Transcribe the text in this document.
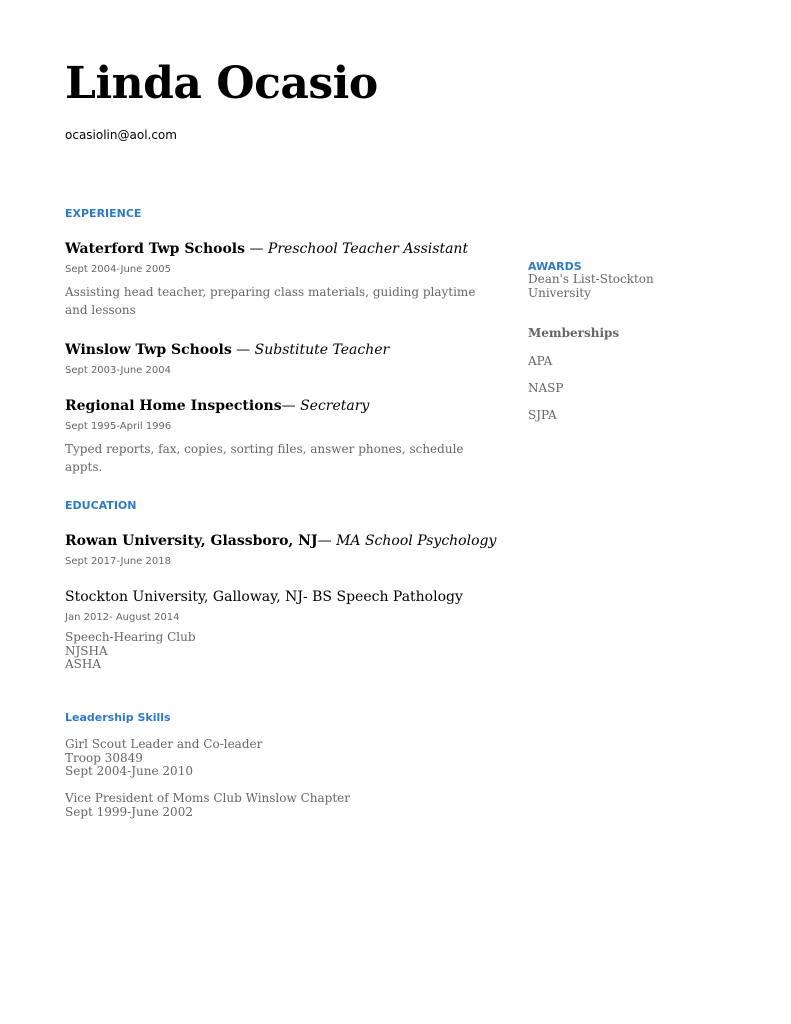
Linda Ocasio
ocasiolin@aol.com
EXPERIENCE
Waterford Twp Schools — Preschool Teacher Assistant
Sept 2004-June 2005
Assisting head teacher, preparing class materials, guiding playtime and lessons
Winslow Twp Schools — Substitute Teacher
Sept 2003-June 2004
Regional Home Inspections— Secretary
Sept 1995-April 1996
Typed reports, fax, copies, sorting files, answer phones, schedule appts.
EDUCATION
Rowan University, Glassboro, NJ— MA School Psychology
Sept 2017-June 2018
Stockton University, Galloway, NJ- BS Speech Pathology
Jan 2012- August 2014
Speech-Hearing Club
NJSHA
ASHA
Leadership Skills
Girl Scout Leader and Co-leader
Troop 30849
Sept 2004-June 2010
Vice President of Moms Club Winslow Chapter
Sept 1999-June 2002
AWARDS
Dean's List-Stockton University
Memberships
APA
NASP
SJPA
